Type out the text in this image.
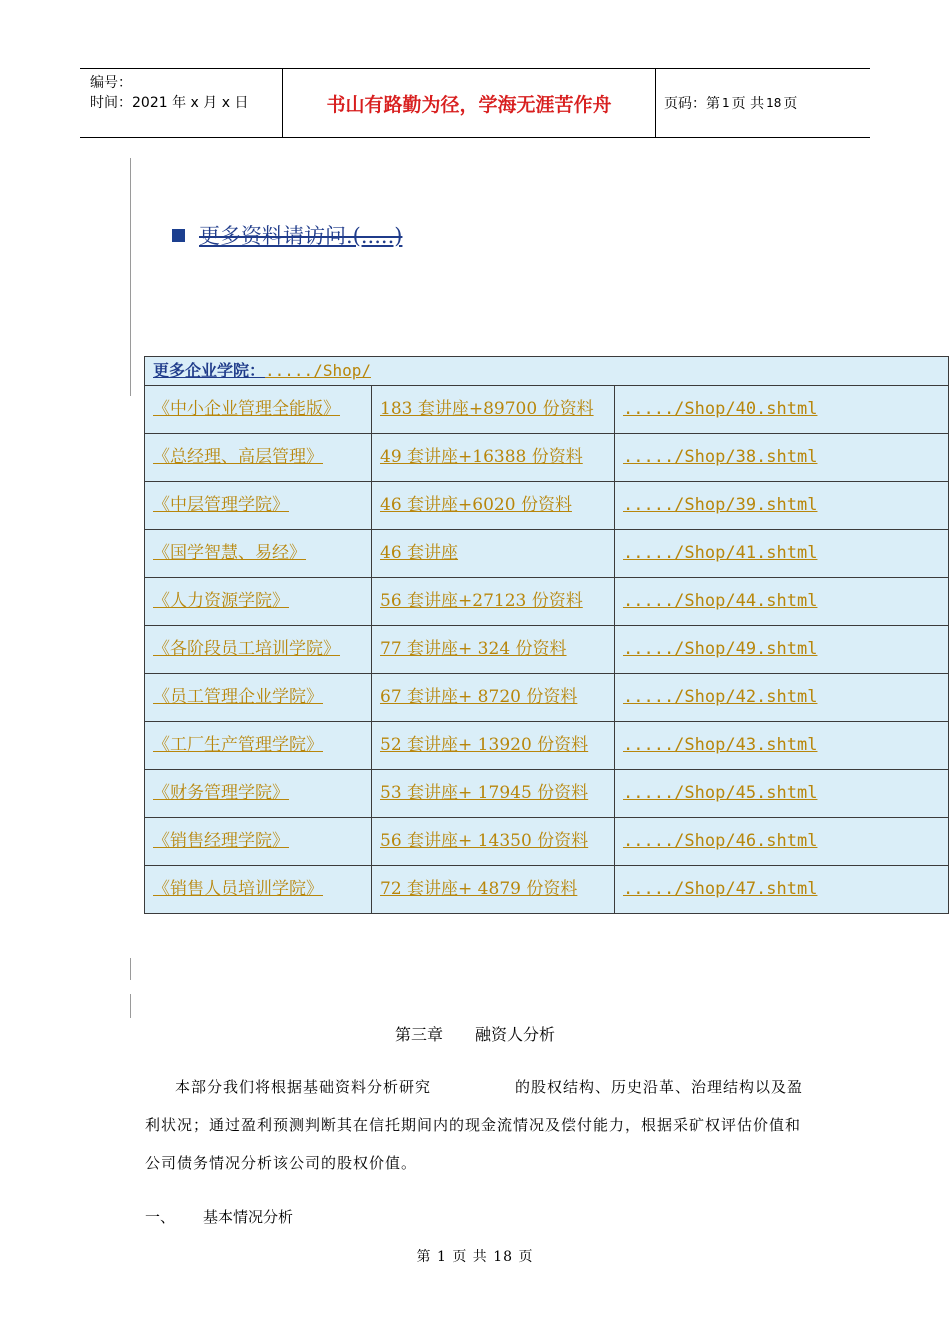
编号：
时间：2021 年 x 月 x 日	书山有路勤为径，学海无涯苦作舟	页码：第 1 页 共 18 页
更多资料请访问.(.....)
更多企业学院：...../Shop/		
《中小企业管理全能版》	183 套讲座+89700 份资料	...../Shop/40.shtml
《总经理、高层管理》	49 套讲座+16388 份资料	...../Shop/38.shtml
《中层管理学院》	46 套讲座+6020 份资料	...../Shop/39.shtml
《国学智慧、易经》	46 套讲座	...../Shop/41.shtml
《人力资源学院》	56 套讲座+27123 份资料	...../Shop/44.shtml
《各阶段员工培训学院》	77 套讲座+ 324 份资料	...../Shop/49.shtml
《员工管理企业学院》	67 套讲座+ 8720 份资料	...../Shop/42.shtml
《工厂生产管理学院》	52 套讲座+ 13920 份资料	...../Shop/43.shtml
《财务管理学院》	53 套讲座+ 17945 份资料	...../Shop/45.shtml
《销售经理学院》	56 套讲座+ 14350 份资料	...../Shop/46.shtml
《销售人员培训学院》	72 套讲座+ 4879 份资料	...../Shop/47.shtml
第三章 融资人分析
本部分我们将根据基础资料分析研究	的股权结构、历史沿革、治理结构以及盈利状况；通过盈利预测判断其在信托期间内的现金流情况及偿付能力，根据采矿权评估价值和公司债务情况分析该公司的股权价值。
一、 基本情况分析
第 1 页 共 18 页
